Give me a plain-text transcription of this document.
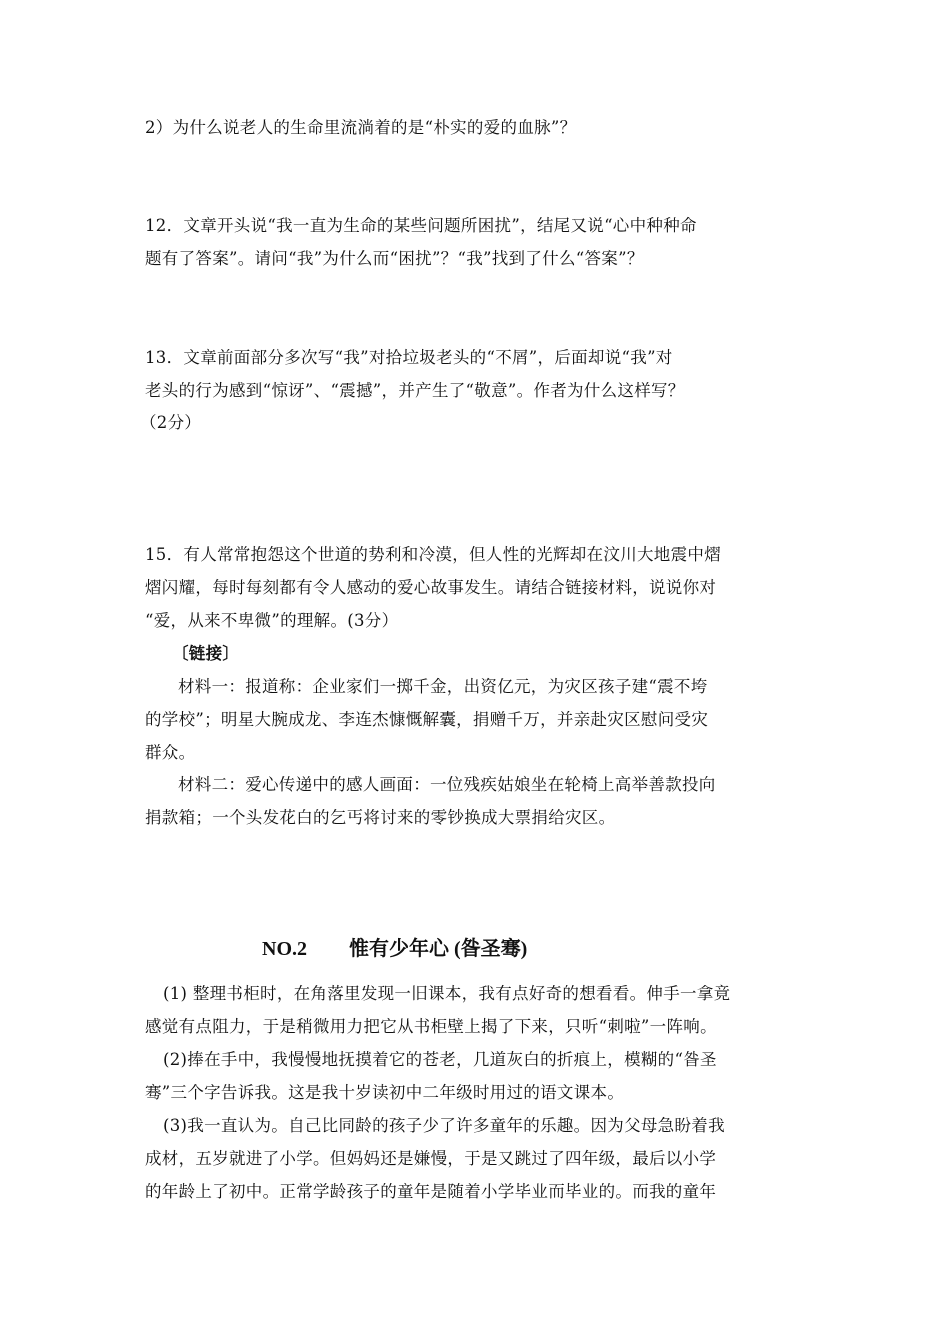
2）为什么说老人的生命里流淌着的是“朴实的爱的血脉”？
12．文章开头说“我一直为生命的某些问题所困扰”，结尾又说“心中种种命
题有了答案”。请问“我”为什么而“困扰”？“我”找到了什么“答案”？
13．文章前面部分多次写“我”对拾垃圾老头的“不屑”，后面却说“我”对
老头的行为感到“惊讶”、“震撼”，并产生了“敬意”。作者为什么这样写？
（2分）
15．有人常常抱怨这个世道的势利和冷漠，但人性的光辉却在汶川大地震中熠
熠闪耀，每时每刻都有令人感动的爱心故事发生。请结合链接材料，说说你对
“爱，从来不卑微”的理解。(3分）
〔链接〕
材料一：报道称：企业家们一掷千金，出资亿元，为灾区孩子建“震不垮
的学校”；明星大腕成龙、李连杰慷慨解囊，捐赠千万，并亲赴灾区慰问受灾
群众。
材料二：爱心传递中的感人画面：一位残疾姑娘坐在轮椅上高举善款投向
捐款箱；一个头发花白的乞丐将讨来的零钞换成大票捐给灾区。
NO.2 惟有少年心 (昝圣骞)
(1) 整理书柜时，在角落里发现一旧课本，我有点好奇的想看看。伸手一拿竟
感觉有点阻力，于是稍微用力把它从书柜壁上揭了下来，只听“刺啦”一阵响。
(2)捧在手中，我慢慢地抚摸着它的苍老，几道灰白的折痕上，模糊的“昝圣
骞”三个字告诉我。这是我十岁读初中二年级时用过的语文课本。
(3)我一直认为。自己比同龄的孩子少了许多童年的乐趣。因为父母急盼着我
成材，五岁就进了小学。但妈妈还是嫌慢，于是又跳过了四年级，最后以小学
的年龄上了初中。正常学龄孩子的童年是随着小学毕业而毕业的。而我的童年
